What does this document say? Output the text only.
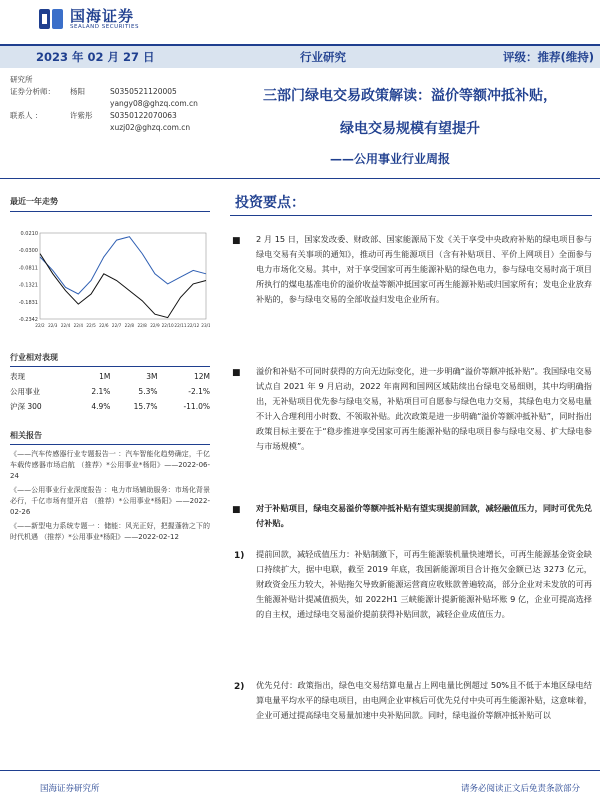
国海证券
SEALAND SECURITIES
2023 年 02 月 27 日	行业研究	评级：推荐(维持)
研究所
证券分析师：	杨阳	S0350521120005
yangy08@ghzq.com.cn
联系人 ：	许紫彤	S0350122070063
xuzj02@ghzq.com.cn
三部门绿电交易政策解读：溢价等额冲抵补贴，
绿电交易规模有望提升
——公用事业行业周报
最近一年走势
0.0210
-0.0300
-0.0811
-0.1321
-0.1831
-0.2342
22/2 22/3 22/4 22/4 22/5 22/6 22/7 22/8 22/8 22/9 22/10 22/11 22/12 23/1
行业相对表现
表现	1M	3M	12M
公用事业	2.1%	5.3%	-2.1%
沪深 300	4.9%	15.7%	-11.0%
相关报告

《——汽车传感器行业专题报告一 ：汽车智能化趋势确定，千亿车载传感器市场启航 （推荐）*公用事业*杨阳》——2022-06-24

《——公用事业行业深度报告 ：电力市场辅助服务：市场化背景必行，千亿市场有望开启 （推荐）*公用事业*杨阳》——2022-02-26

《——新型电力系统专题一 ：储能：风光正好，把握蓬勃之下的时代机遇 （推荐）*公用事业*杨阳》——2022-02-12

投资要点：
■ 2 月 15 日，国家发改委、财政部、国家能源局下发《关于享受中央政府补贴的绿电项目参与绿电交易有关事项的通知》，推动可再生能源项目（含有补贴项目、平价上网项目）全面参与电力市场化交易。其中，对于享受国家可再生能源补贴的绿色电力，参与绿电交易时高于项目所执行的煤电基准电价的溢价收益等额冲抵国家可再生能源补贴或归国家所有；发电企业放弃补贴的，参与绿电交易的全部收益归发电企业所有。
■ 溢价和补贴不可同时获得的方向无边际变化，进一步明确“溢价等额冲抵补贴”。我国绿电交易试点自 2021 年 9 月启动，2022 年南网和国网区域陆续出台绿电交易细则，其中均明确指出，无补贴项目优先参与绿电交易，补贴项目可自愿参与绿色电力交易，其绿色电力交易电量不计入合理利用小时数、不领取补贴。此次政策是进一步明确“溢价等额冲抵补贴”，同时指出政策目标主要在于“稳步推进享受国家可再生能源补贴的绿电项目参与绿电交易、扩大绿电参与市场规模”。
■ 对于补贴项目，绿电交易溢价等额冲抵补贴有望实现提前回款，减轻融值压力，同时可优先兑付补贴。
1) 提前回款，减轻成值压力：补贴制激下，可再生能源装机量快速增长，可再生能源基金资金缺口持续扩大，据中电联，截至 2019 年底，我国新能源项目合计拖欠金额已达 3273 亿元，财政资金压力较大，补贴拖欠导致新能源运营商应收账款普遍较高，部分企业对未发放的可再生能源补贴计提减值损失，如 2022H1 三峡能源计提新能源补贴坏账 9 亿，企业可提高选择的自主权，通过绿电交易溢价提前获得补贴回款，减轻企业成值压力。
2) 优先兑付：政策指出，绿色电交易结算电量占上网电量比例超过 50%且不低于本地区绿电结算电量平均水平的绿电项目，由电网企业审核后可优先兑付中央可再生能源补贴，这意味着，企业可通过提高绿电交易量加速中央补贴回款。同时，绿电溢价等额冲抵补贴可以
国海证券研究所	请务必阅读正文后免责条款部分
